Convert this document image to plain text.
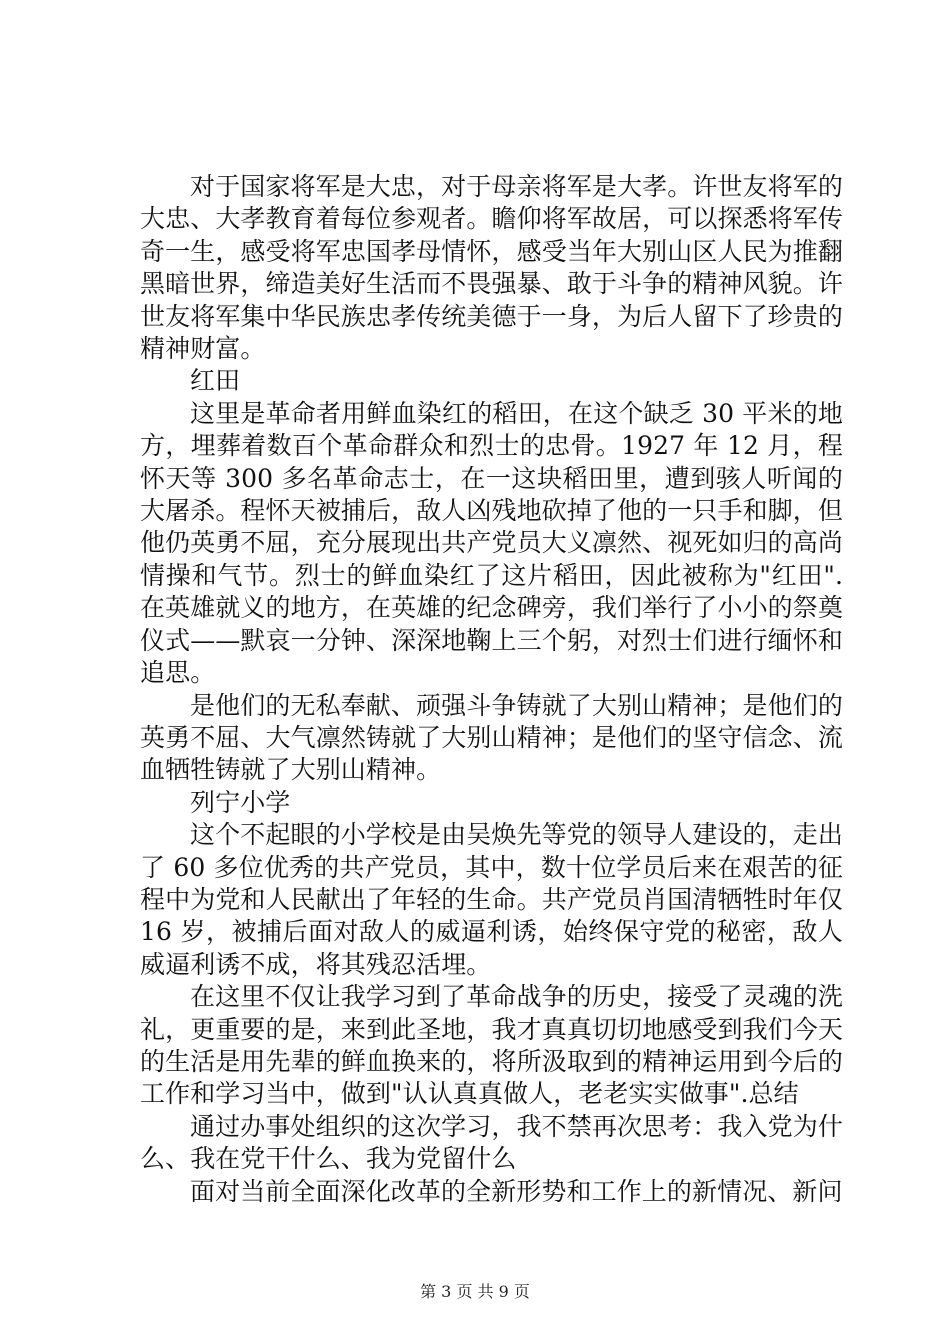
对于国家将军是大忠，对于母亲将军是大孝。许世友将军的大忠、大孝教育着每位参观者。瞻仰将军故居，可以探悉将军传奇一生，感受将军忠国孝母情怀，感受当年大别山区人民为推翻黑暗世界，缔造美好生活而不畏强暴、敢于斗争的精神风貌。许世友将军集中华民族忠孝传统美德于一身，为后人留下了珍贵的精神财富。

红田

这里是革命者用鲜血染红的稻田，在这个缺乏 30 平米的地方，埋葬着数百个革命群众和烈士的忠骨。1927 年 12 月，程怀天等 300 多名革命志士，在一这块稻田里，遭到骇人听闻的大屠杀。程怀天被捕后，敌人凶残地砍掉了他的一只手和脚，但他仍英勇不屈，充分展现出共产党员大义凛然、视死如归的高尚情操和气节。烈士的鲜血染红了这片稻田，因此被称为"红田".在英雄就义的地方，在英雄的纪念碑旁，我们举行了小小的祭奠仪式——默哀一分钟、深深地鞠上三个躬，对烈士们进行缅怀和追思。

是他们的无私奉献、顽强斗争铸就了大别山精神；是他们的英勇不屈、大气凛然铸就了大别山精神；是他们的坚守信念、流血牺牲铸就了大别山精神。

列宁小学

这个不起眼的小学校是由吴焕先等党的领导人建设的，走出了 60 多位优秀的共产党员，其中，数十位学员后来在艰苦的征程中为党和人民献出了年轻的生命。共产党员肖国清牺牲时年仅 16 岁，被捕后面对敌人的威逼利诱，始终保守党的秘密，敌人威逼利诱不成，将其残忍活埋。

在这里不仅让我学习到了革命战争的历史，接受了灵魂的洗礼，更重要的是，来到此圣地，我才真真切切地感受到我们今天的生活是用先辈的鲜血换来的，将所汲取到的精神运用到今后的工作和学习当中，做到"认认真真做人，老老实实做事".总结

通过办事处组织的这次学习，我不禁再次思考：我入党为什么、我在党干什么、我为党留什么

面对当前全面深化改革的全新形势和工作上的新情况、新问

第 3 页 共 9 页
